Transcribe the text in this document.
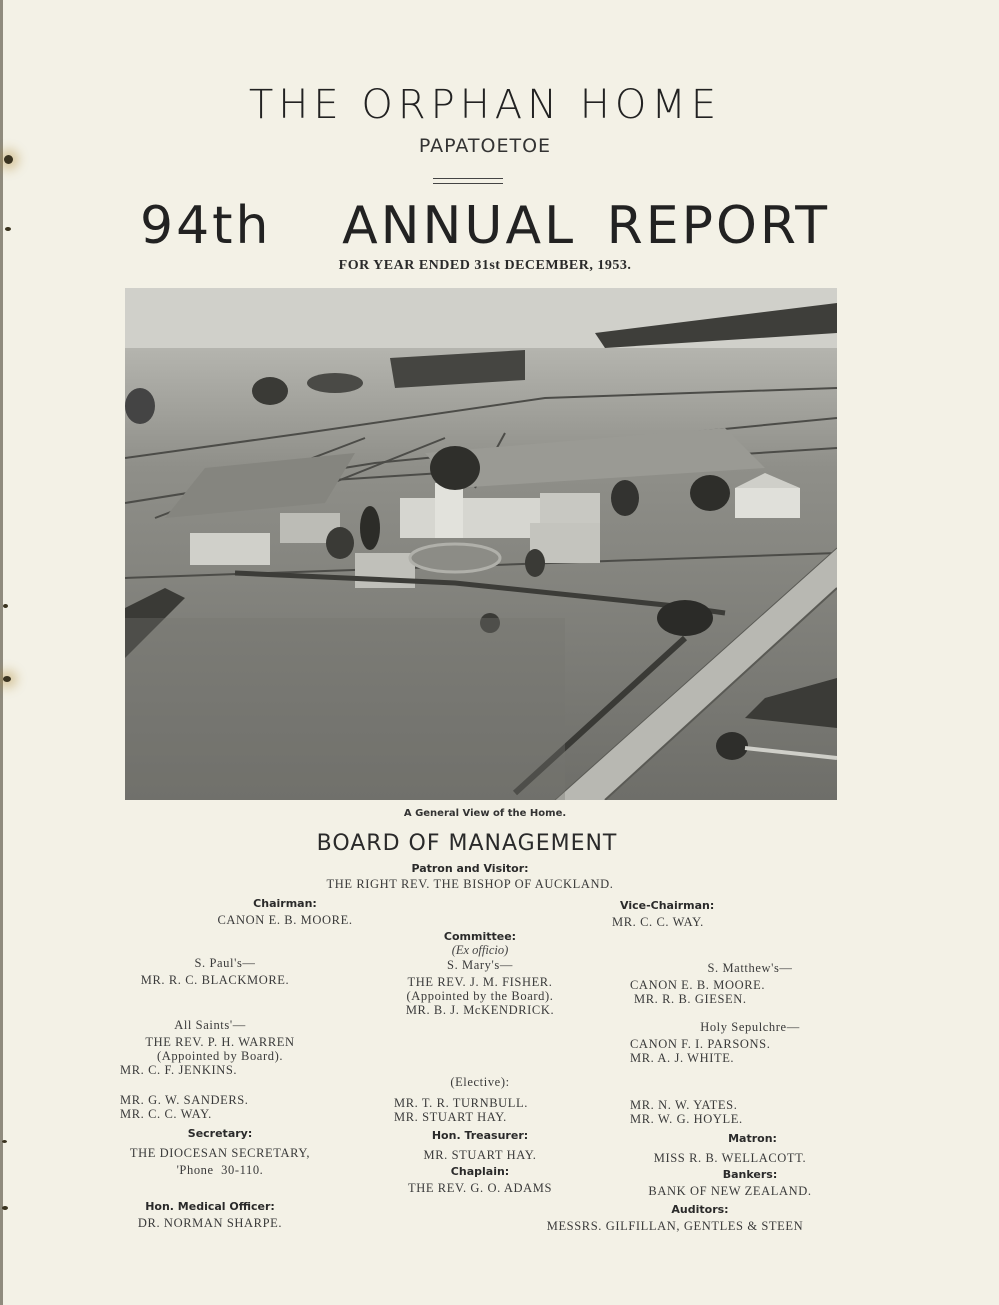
THE ORPHAN HOME
PAPATOETOE
94th ANNUAL REPORT
FOR YEAR ENDED 31st DECEMBER, 1953.
A General View of the Home.
BOARD OF MANAGEMENT
Patron and Visitor:
THE RIGHT REV. THE BISHOP OF AUCKLAND.
Chairman:
CANON E. B. MOORE.
Vice-Chairman:
MR. C. C. WAY.
Committee:
(Ex officio)
S. Paul's—
MR. R. C. BLACKMORE.
S. Mary's—
THE REV. J. M. FISHER.
(Appointed by the Board).
MR. B. J. McKENDRICK.
S. Matthew's—
CANON E. B. MOORE.
MR. R. B. GIESEN.
All Saints'—
THE REV. P. H. WARREN
(Appointed by Board).
MR. C. F. JENKINS.
Holy Sepulchre—
CANON F. I. PARSONS.
MR. A. J. WHITE.
(Elective):
MR. G. W. SANDERS.
MR. C. C. WAY.
MR. T. R. TURNBULL.
MR. STUART HAY.
MR. N. W. YATES.
MR. W. G. HOYLE.
Secretary:
THE DIOCESAN SECRETARY,
'Phone  30-110.
Hon. Treasurer:
MR. STUART HAY.
Matron:
MISS R. B. WELLACOTT.
Chaplain:
THE REV. G. O. ADAMS
Bankers:
BANK OF NEW ZEALAND.
Hon. Medical Officer:
DR. NORMAN SHARPE.
Auditors:
MESSRS. GILFILLAN, GENTLES & STEEN
